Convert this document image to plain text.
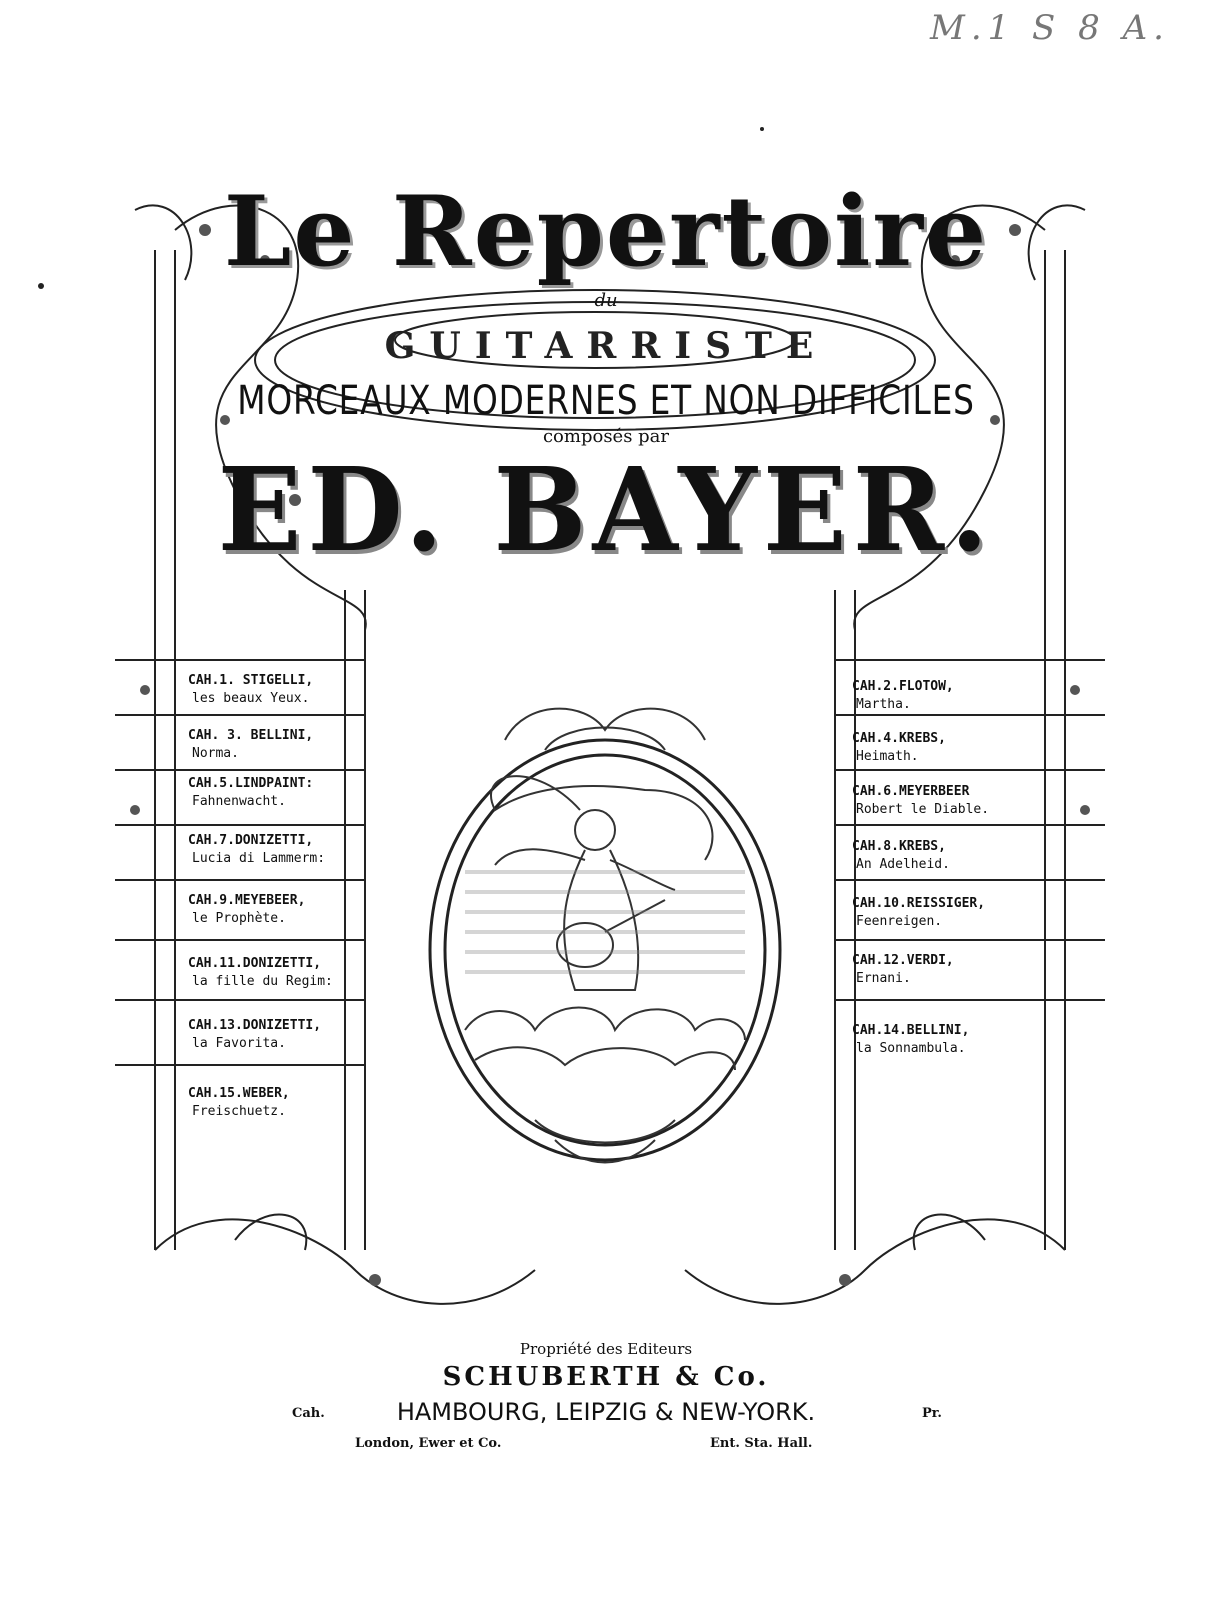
M.1 S 8 A.
Le Repertoire
du
GUITARRISTE
MORCEAUX MODERNES ET NON DIFFICILES
composés par
ED. BAYER.
CAH.1. STIGELLI,
les beaux Yeux.
CAH. 3. BELLINI,
Norma.
CAH.5.LINDPAINT:
Fahnenwacht.
CAH.7.DONIZETTI,
Lucia di Lammerm:
CAH.9.MEYEBEER,
le Prophète.
CAH.11.DONIZETTI,
la fille du Regim:
CAH.13.DONIZETTI,
la Favorita.
CAH.15.WEBER,
Freischuetz.
CAH.2.FLOTOW,
Martha.
CAH.4.KREBS,
Heimath.
CAH.6.MEYERBEER
Robert le Diable.
CAH.8.KREBS,
An Adelheid.
CAH.10.REISSIGER,
Feenreigen.
CAH.12.VERDI,
Ernani.
CAH.14.BELLINI,
la Sonnambula.
Propriété des Editeurs
SCHUBERTH & Co.
HAMBOURG, LEIPZIG & NEW-YORK.
Cah.	Pr.
London, Ewer et Co.	Ent. Sta. Hall.
